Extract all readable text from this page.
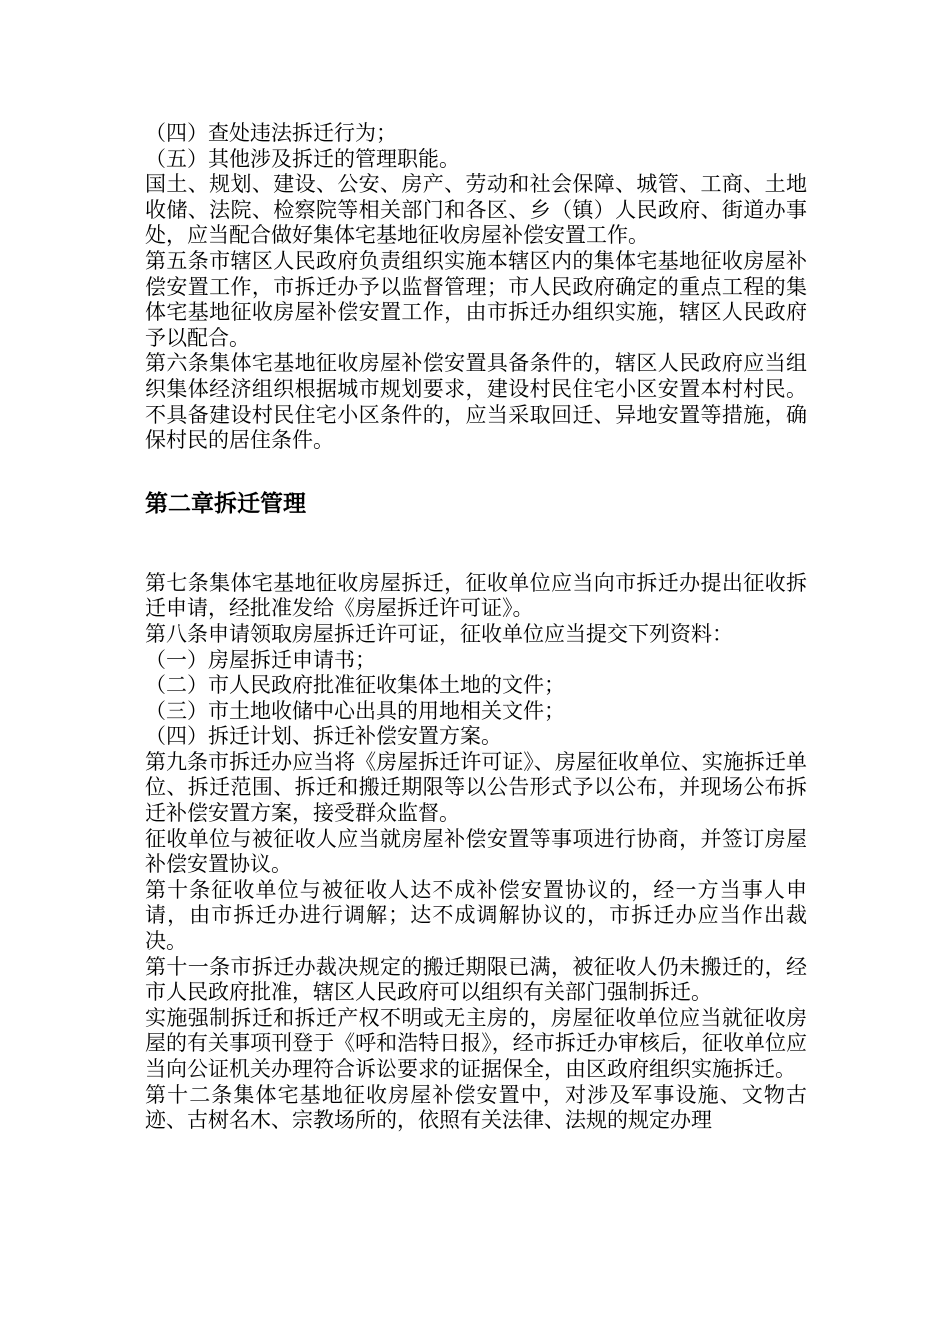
（四）查处违法拆迁行为；

（五）其他涉及拆迁的管理职能。

国土、规划、建设、公安、房产、劳动和社会保障、城管、工商、土地收储、法院、检察院等相关部门和各区、乡（镇）人民政府、街道办事处，应当配合做好集体宅基地征收房屋补偿安置工作。

第五条市辖区人民政府负责组织实施本辖区内的集体宅基地征收房屋补偿安置工作，市拆迁办予以监督管理；市人民政府确定的重点工程的集体宅基地征收房屋补偿安置工作，由市拆迁办组织实施，辖区人民政府予以配合。

第六条集体宅基地征收房屋补偿安置具备条件的，辖区人民政府应当组织集体经济组织根据城市规划要求，建设村民住宅小区安置本村村民。不具备建设村民住宅小区条件的，应当采取回迁、异地安置等措施，确保村民的居住条件。

第二章拆迁管理

第七条集体宅基地征收房屋拆迁，征收单位应当向市拆迁办提出征收拆迁申请，经批准发给《房屋拆迁许可证》。

第八条申请领取房屋拆迁许可证，征收单位应当提交下列资料：

（一）房屋拆迁申请书；

（二）市人民政府批准征收集体土地的文件；

（三）市土地收储中心出具的用地相关文件；

（四）拆迁计划、拆迁补偿安置方案。

第九条市拆迁办应当将《房屋拆迁许可证》、房屋征收单位、实施拆迁单位、拆迁范围、拆迁和搬迁期限等以公告形式予以公布，并现场公布拆迁补偿安置方案，接受群众监督。

征收单位与被征收人应当就房屋补偿安置等事项进行协商，并签订房屋补偿安置协议。

第十条征收单位与被征收人达不成补偿安置协议的，经一方当事人申请，由市拆迁办进行调解；达不成调解协议的，市拆迁办应当作出裁决。

第十一条市拆迁办裁决规定的搬迁期限已满，被征收人仍未搬迁的，经市人民政府批准，辖区人民政府可以组织有关部门强制拆迁。

实施强制拆迁和拆迁产权不明或无主房的，房屋征收单位应当就征收房屋的有关事项刊登于《呼和浩特日报》，经市拆迁办审核后，征收单位应当向公证机关办理符合诉讼要求的证据保全，由区政府组织实施拆迁。

第十二条集体宅基地征收房屋补偿安置中，对涉及军事设施、文物古迹、古树名木、宗教场所的，依照有关法律、法规的规定办理
